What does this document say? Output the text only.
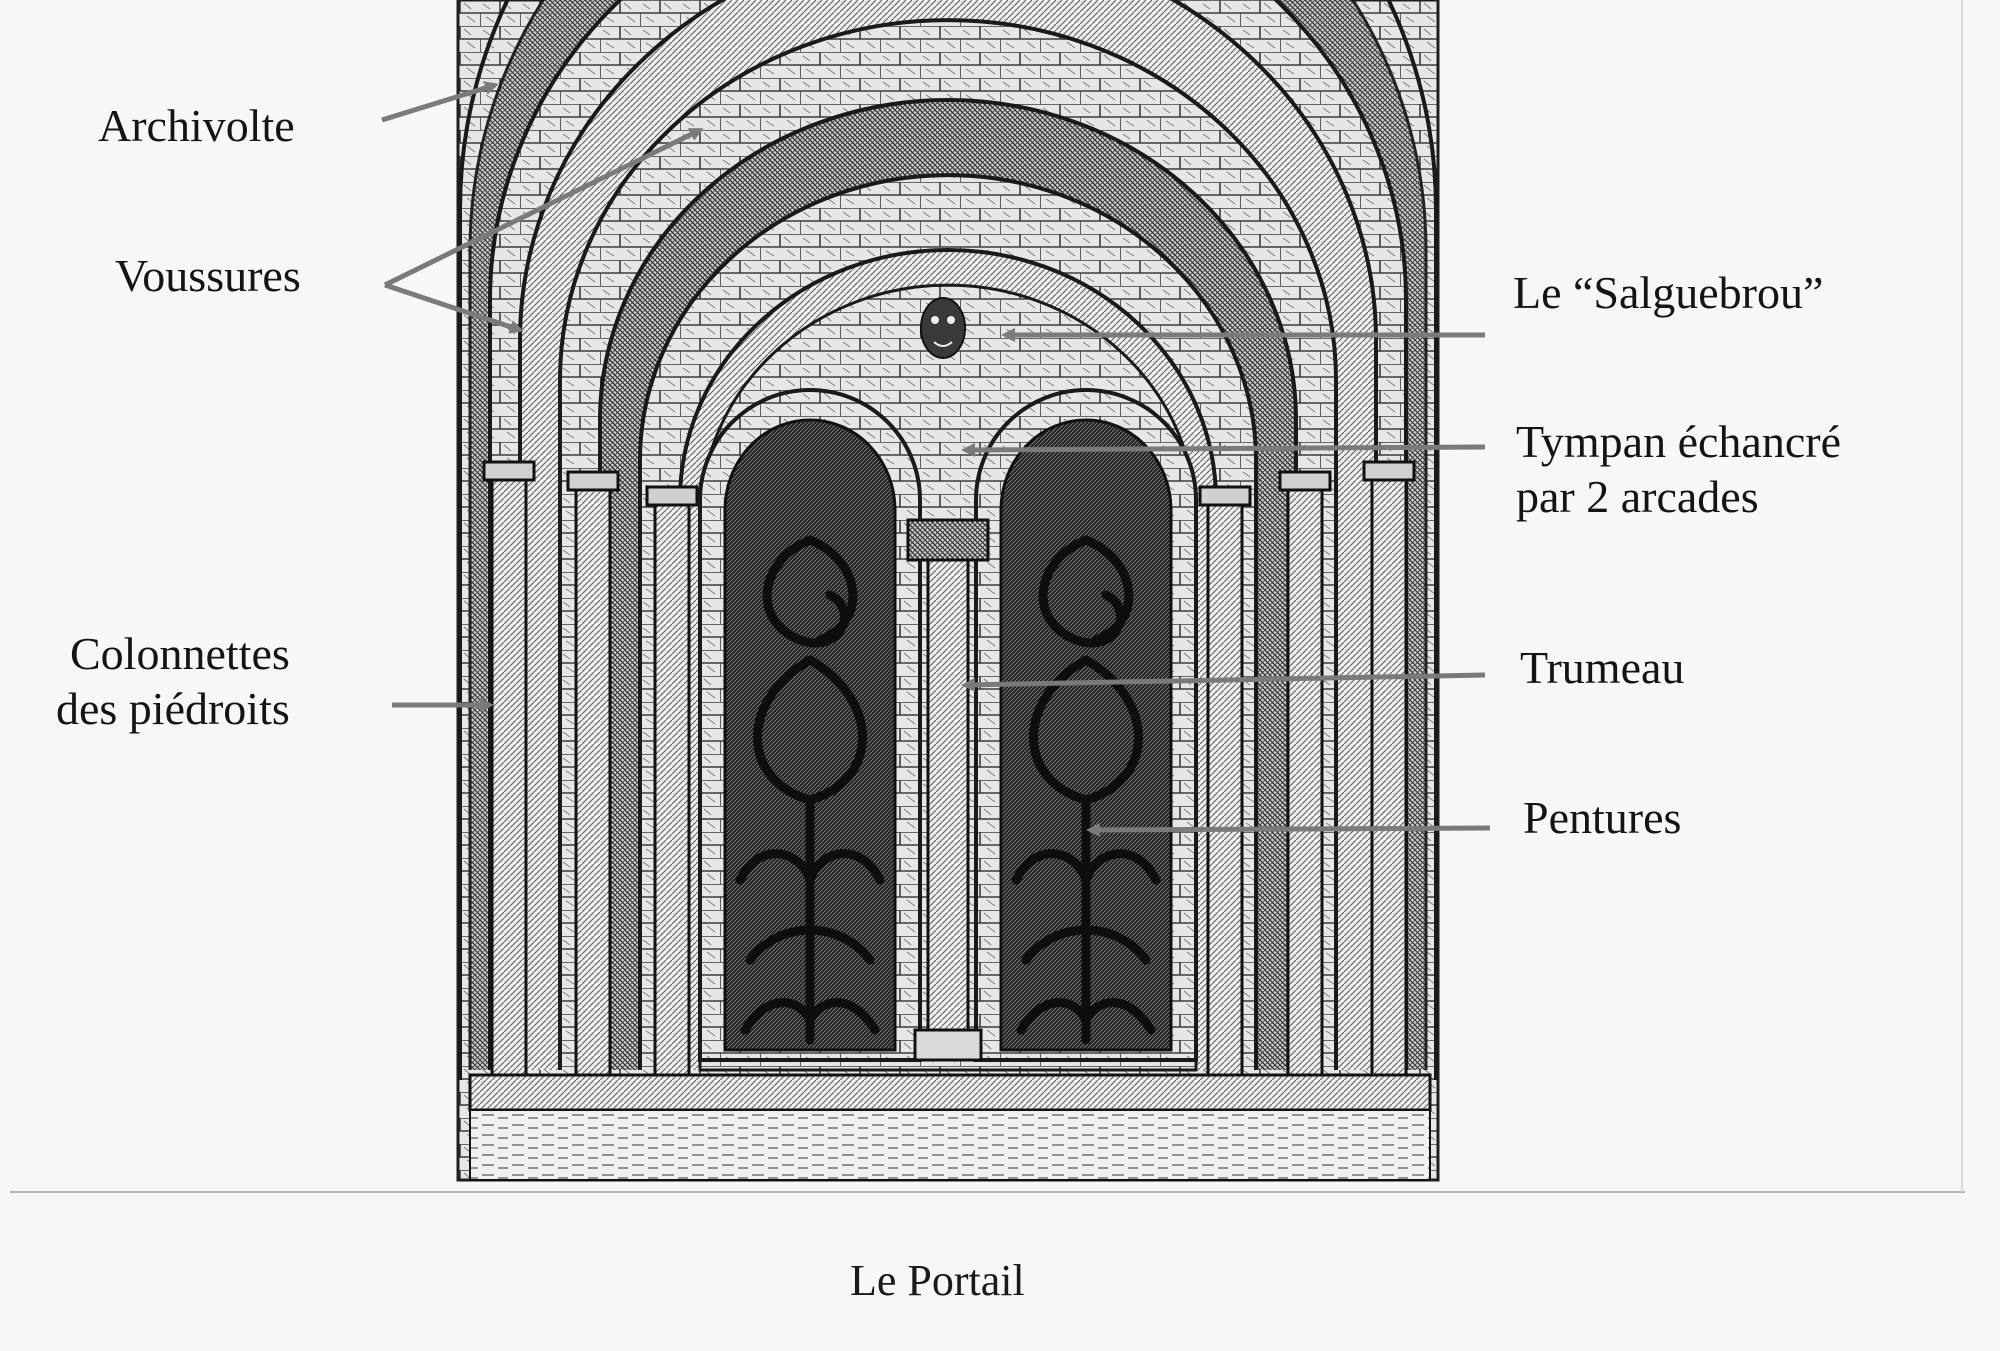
Archivolte
Voussures
Colonnettes
des piédroits
Le “Salguebrou”
Tympan échancré
par 2 arcades
Trumeau
Pentures
Le Portail
